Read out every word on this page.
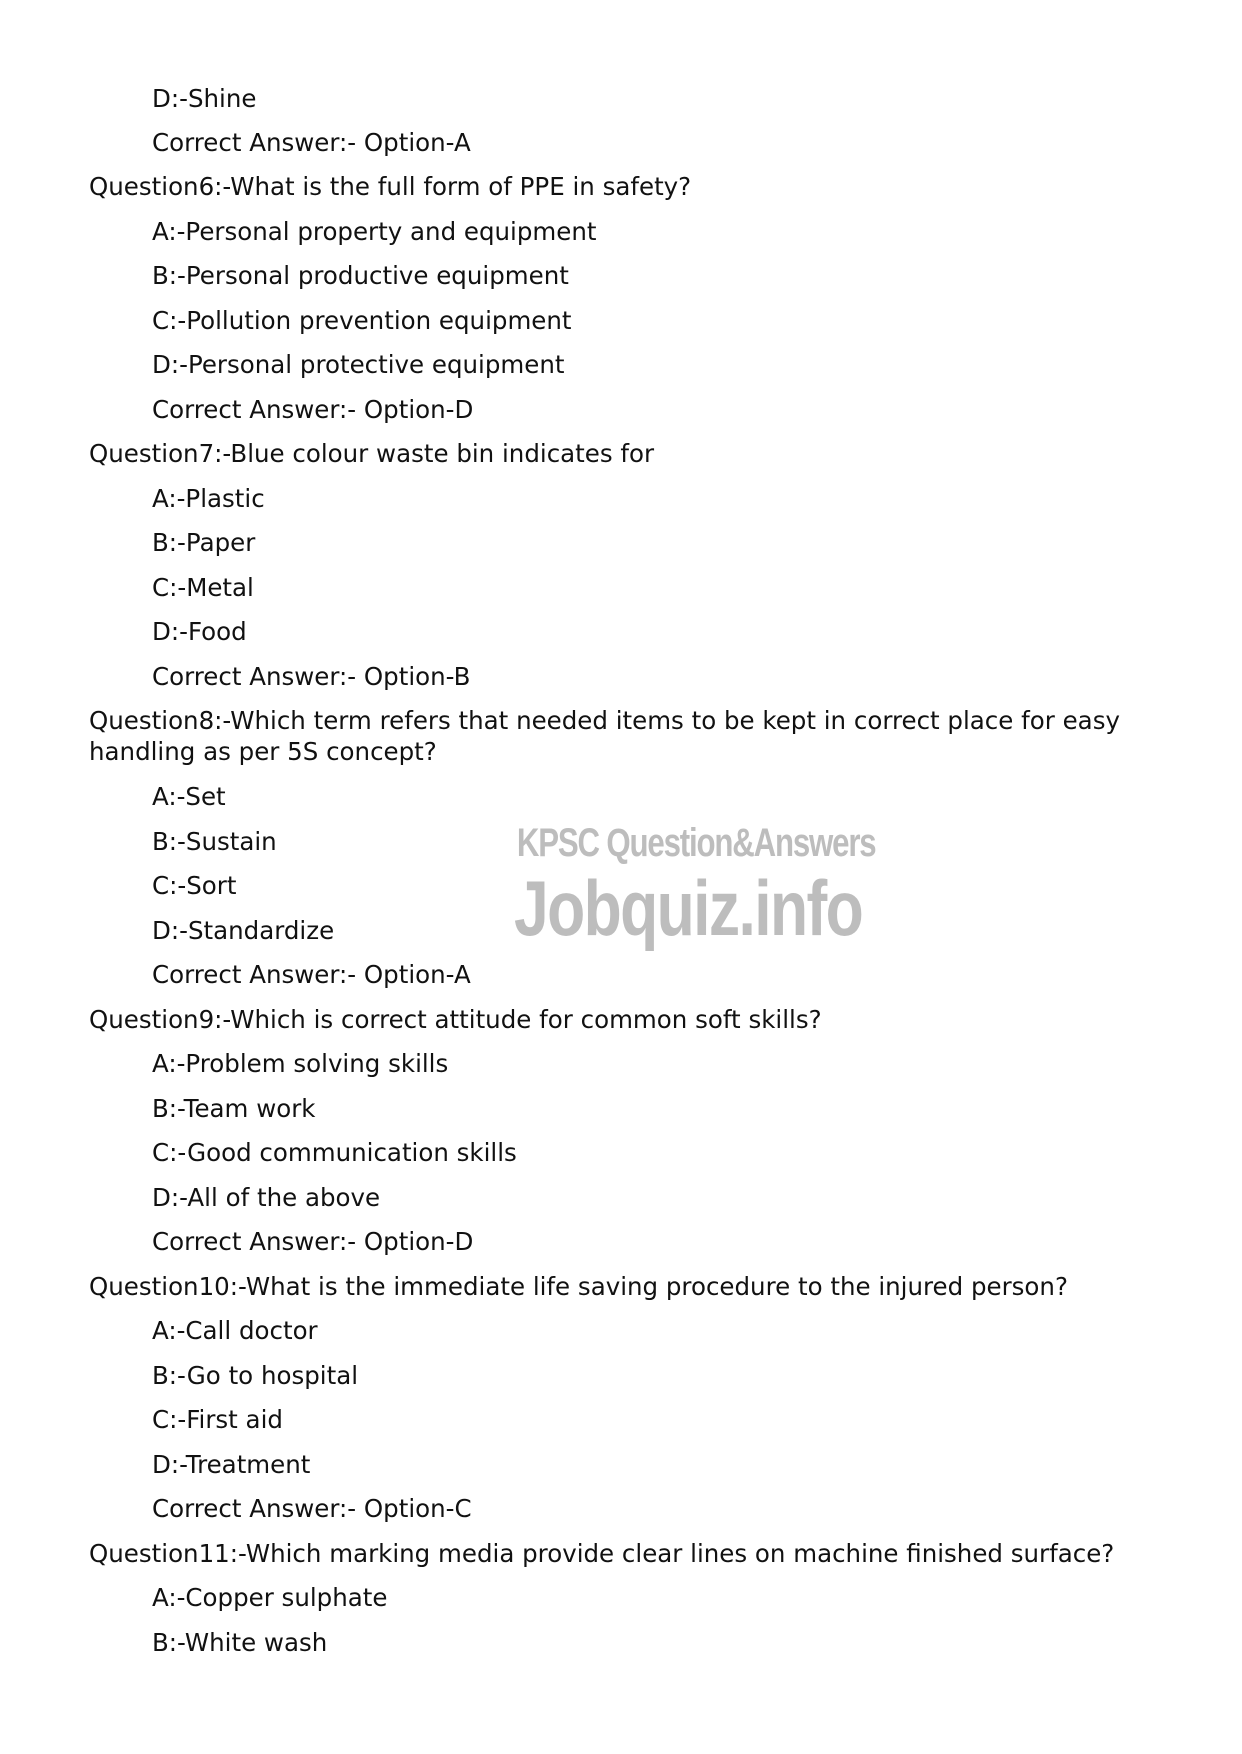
D:-Shine

Correct Answer:- Option-A

Question6:-What is the full form of PPE in safety?

A:-Personal property and equipment

B:-Personal productive equipment

C:-Pollution prevention equipment

D:-Personal protective equipment

Correct Answer:- Option-D

Question7:-Blue colour waste bin indicates for

A:-Plastic

B:-Paper

C:-Metal

D:-Food

Correct Answer:- Option-B

Question8:-Which term refers that needed items to be kept in correct place for easy handling as per 5S concept?

A:-Set

B:-Sustain

C:-Sort

D:-Standardize

Correct Answer:- Option-A

Question9:-Which is correct attitude for common soft skills?

A:-Problem solving skills

B:-Team work

C:-Good communication skills

D:-All of the above

Correct Answer:- Option-D

Question10:-What is the immediate life saving procedure to the injured person?

A:-Call doctor

B:-Go to hospital

C:-First aid

D:-Treatment

Correct Answer:- Option-C

Question11:-Which marking media provide clear lines on machine finished surface?

A:-Copper sulphate

B:-White wash

KPSC Question&Answers
Jobquiz.info
